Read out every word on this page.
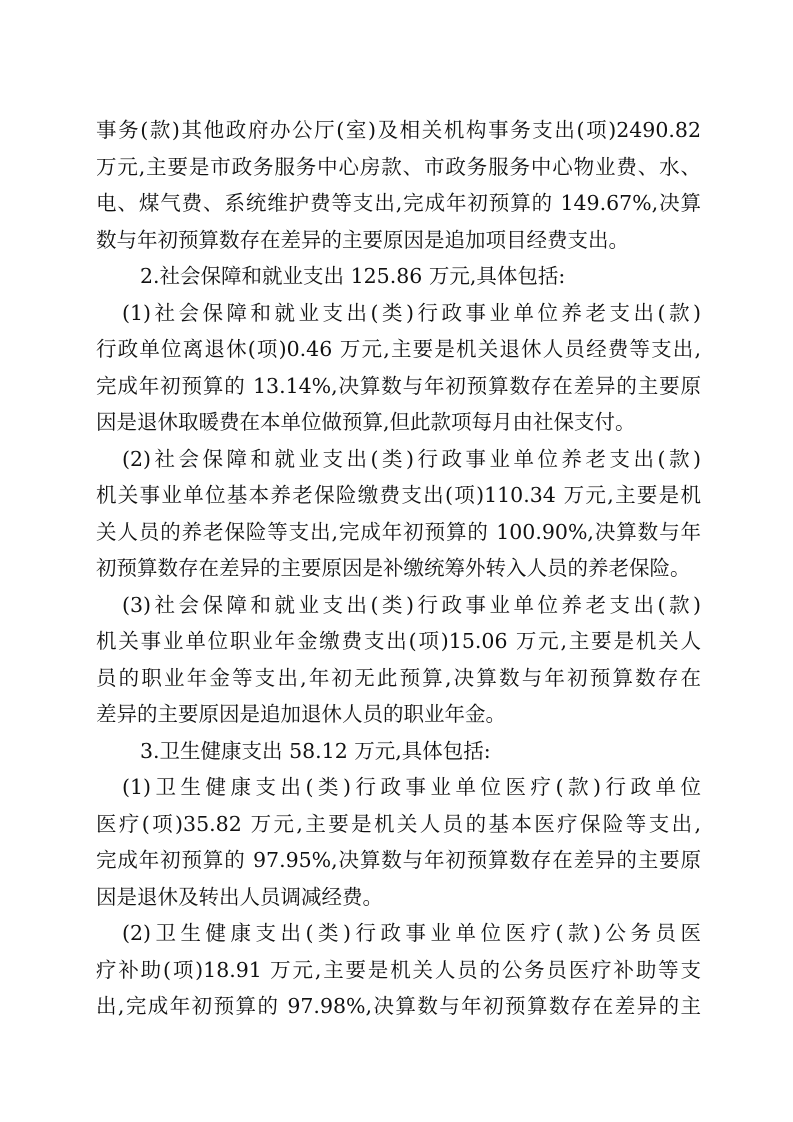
事务(款)其他政府办公厅(室)及相关机构事务支出(项)2490.82
万元,主要是市政务服务中心房款、市政务服务中心物业费、水、
电、煤气费、系统维护费等支出,完成年初预算的 149.67%,决算
数与年初预算数存在差异的主要原因是追加项目经费支出。
2.社会保障和就业支出 125.86 万元,具体包括:
(1)社会保障和就业支出(类)行政事业单位养老支出(款)
行政单位离退休(项)0.46 万元,主要是机关退休人员经费等支出,
完成年初预算的 13.14%,决算数与年初预算数存在差异的主要原
因是退休取暖费在本单位做预算,但此款项每月由社保支付。
(2)社会保障和就业支出(类)行政事业单位养老支出(款)
机关事业单位基本养老保险缴费支出(项)110.34 万元,主要是机
关人员的养老保险等支出,完成年初预算的 100.90%,决算数与年
初预算数存在差异的主要原因是补缴统筹外转入人员的养老保险。
(3)社会保障和就业支出(类)行政事业单位养老支出(款)
机关事业单位职业年金缴费支出(项)15.06 万元,主要是机关人
员的职业年金等支出,年初无此预算,决算数与年初预算数存在
差异的主要原因是追加退休人员的职业年金。
3.卫生健康支出 58.12 万元,具体包括:
(1)卫生健康支出(类)行政事业单位医疗(款)行政单位
医疗(项)35.82 万元,主要是机关人员的基本医疗保险等支出,
完成年初预算的 97.95%,决算数与年初预算数存在差异的主要原
因是退休及转出人员调减经费。
(2)卫生健康支出(类)行政事业单位医疗(款)公务员医
疗补助(项)18.91 万元,主要是机关人员的公务员医疗补助等支
出,完成年初预算的 97.98%,决算数与年初预算数存在差异的主
